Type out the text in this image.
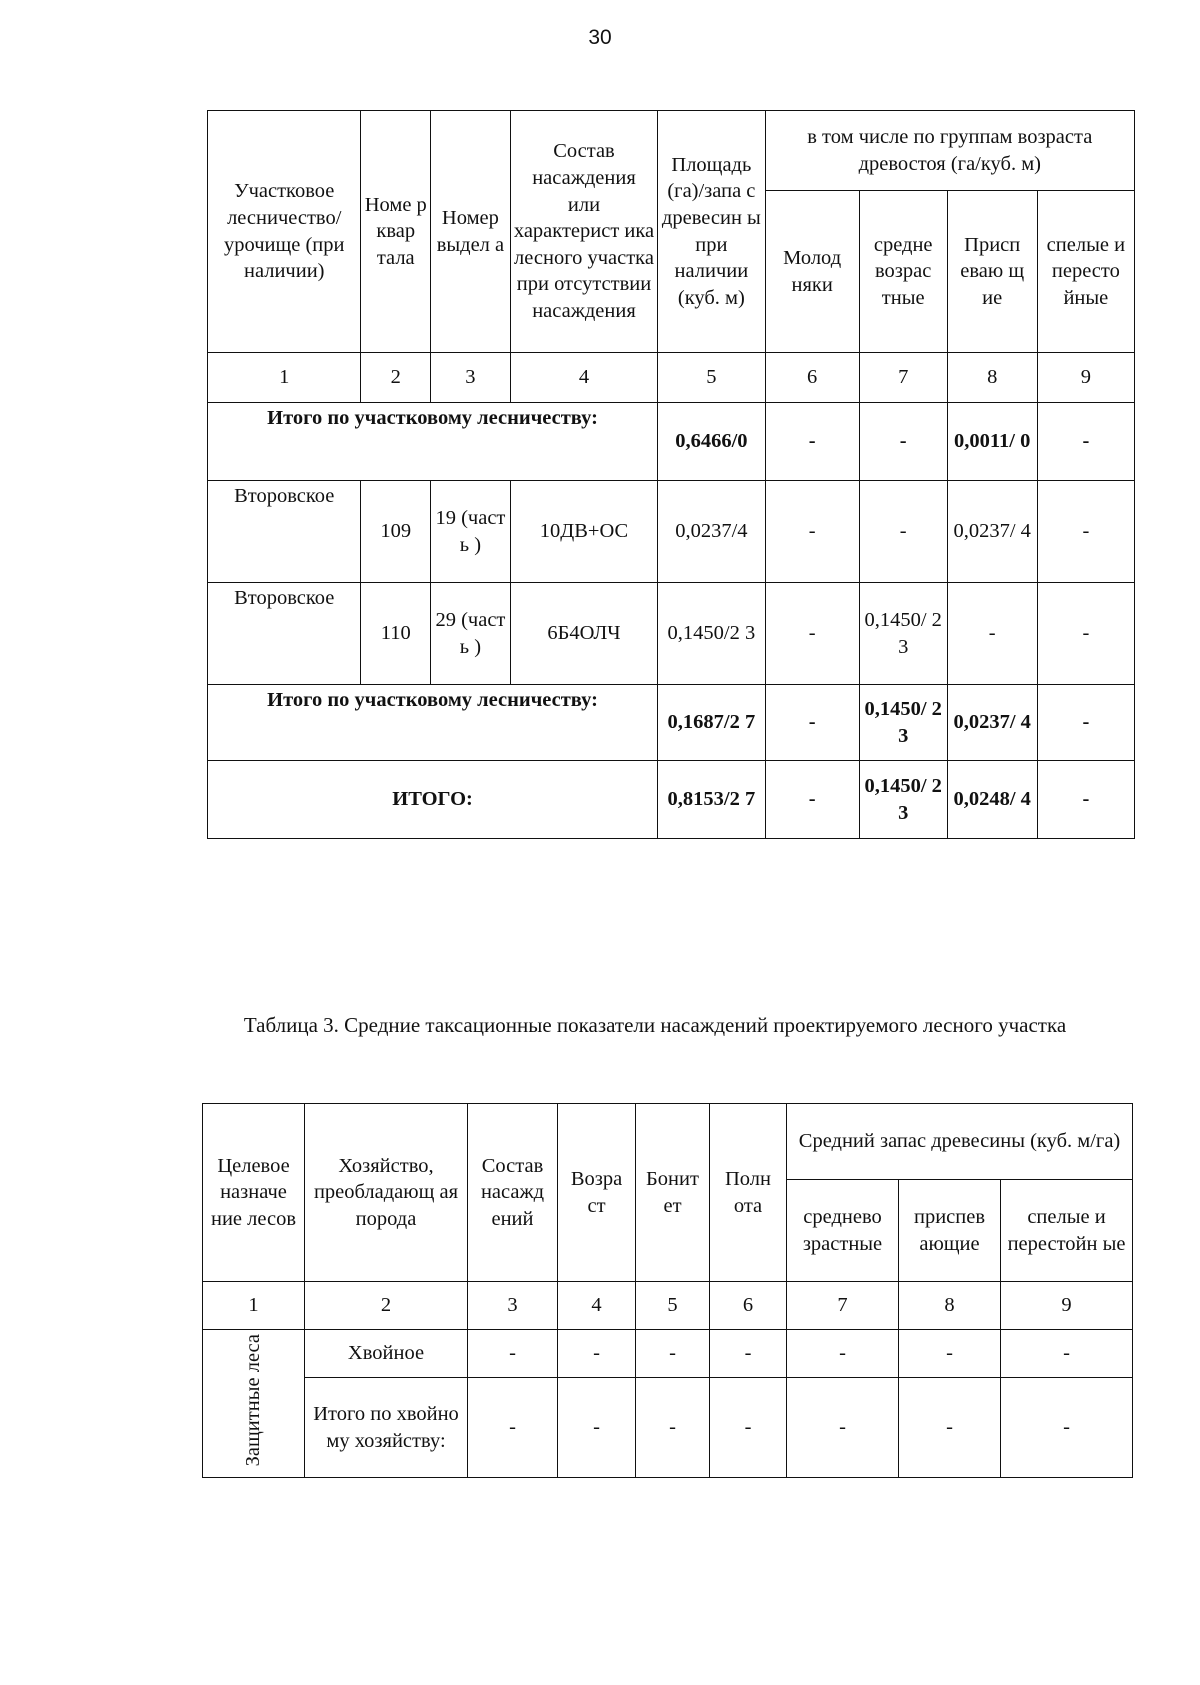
30
Участковое лесничество/ урочище (при наличии)	Номе р квар тала	Номер выдел а	Состав насаждения или характерист ика лесного участка при отсутствии насаждения	Площадь (га)/запа с древесин ы при наличии (куб. м)	в том числе по группам возраста древостоя (га/куб. м)			
					Молод няки	средне возрас тные	Присп еваю щ ие	спелые и пересто йные
1	2	3	4	5	6	7	8	9
Итого по участковому лесничеству:				0,6466/0	-	-	0,0011/ 0	-
Второвское	109	19 (часть )	10ДВ+ОС	0,0237/4	-	-	0,0237/ 4	-
Второвское	110	29 (часть )	6Б4ОЛЧ	0,1450/2 3	-	0,1450/ 23	-	-
Итого по участковому лесничеству:				0,1687/2 7	-	0,1450/ 23	0,0237/ 4	-
ИТОГО:				0,8153/2 7	-	0,1450/ 23	0,0248/ 4	-
Таблица 3. Средние таксационные показатели насаждений проектируемого лесного участка
Целевое назначе ние лесов	Хозяйство, преобладающ ая порода	Состав насажд ений	Возра ст	Бонит ет	Полн ота	Средний запас древесины (куб. м/га)		
						среднево зрастные	приспев ающие	спелые и перестойн ые
1	2	3	4	5	6	7	8	9
Защитные леса	Хвойное	-	-	-	-	-	-	-
	Итого по хвойному хозяйству:	-	-	-	-	-	-	-
